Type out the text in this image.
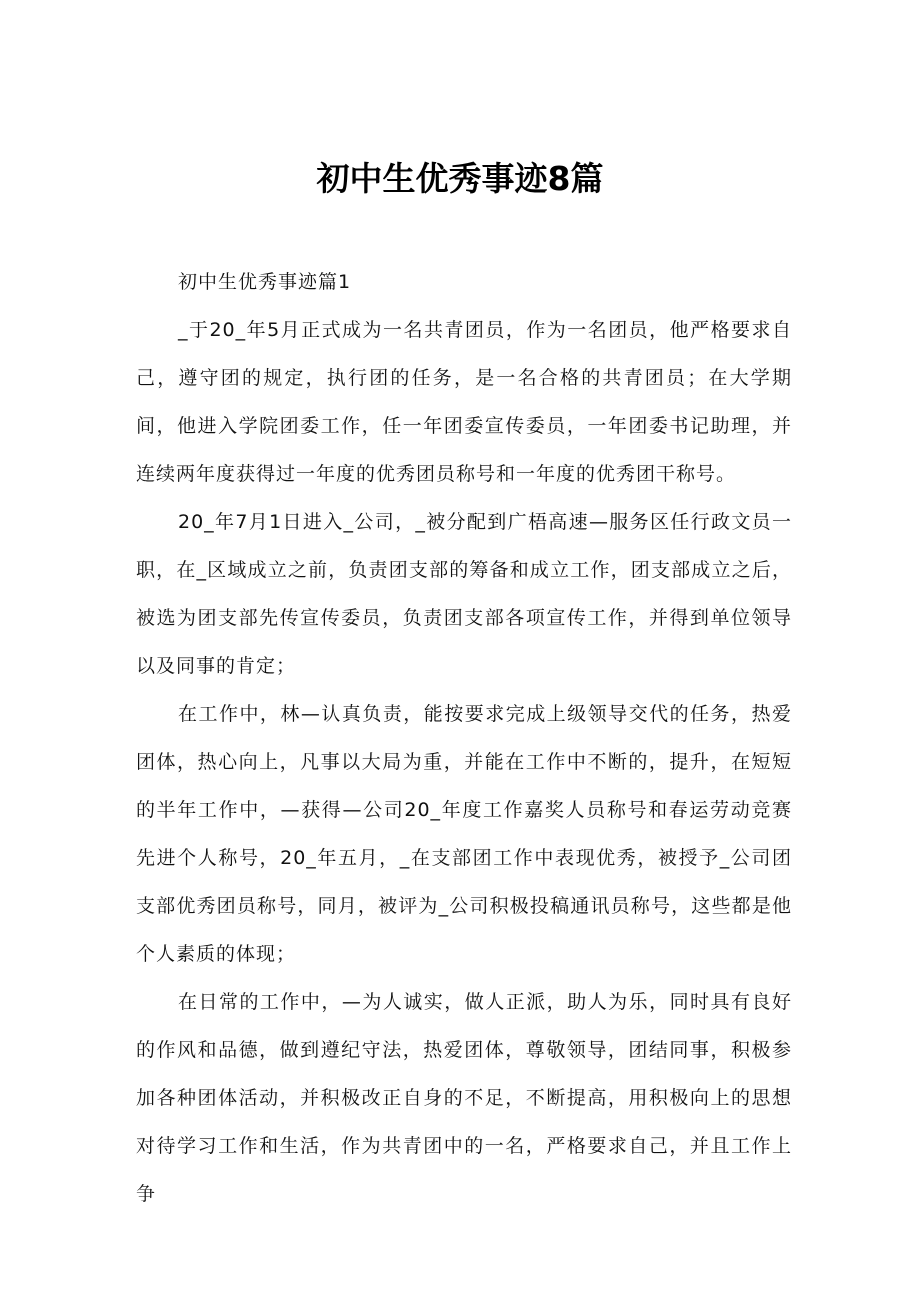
初中生优秀事迹8篇

初中生优秀事迹篇1

_于20_年5月正式成为一名共青团员，作为一名团员，他严格要求自己，遵守团的规定，执行团的任务，是一名合格的共青团员；在大学期间，他进入学院团委工作，任一年团委宣传委员，一年团委书记助理，并连续两年度获得过一年度的优秀团员称号和一年度的优秀团干称号。

20_年7月1日进入_公司，_被分配到广梧高速—服务区任行政文员一职，在_区域成立之前，负责团支部的筹备和成立工作，团支部成立之后，被选为团支部先传宣传委员，负责团支部各项宣传工作，并得到单位领导以及同事的肯定；

在工作中，林—认真负责，能按要求完成上级领导交代的任务，热爱团体，热心向上，凡事以大局为重，并能在工作中不断的，提升，在短短的半年工作中，—获得—公司20_年度工作嘉奖人员称号和春运劳动竞赛先进个人称号，20_年五月，_在支部团工作中表现优秀，被授予_公司团支部优秀团员称号，同月，被评为_公司积极投稿通讯员称号，这些都是他个人素质的体现；

在日常的工作中，—为人诚实，做人正派，助人为乐，同时具有良好的作风和品德，做到遵纪守法，热爱团体，尊敬领导，团结同事，积极参加各种团体活动，并积极改正自身的不足，不断提高，用积极向上的思想对待学习工作和生活，作为共青团中的一名，严格要求自己，并且工作上争
